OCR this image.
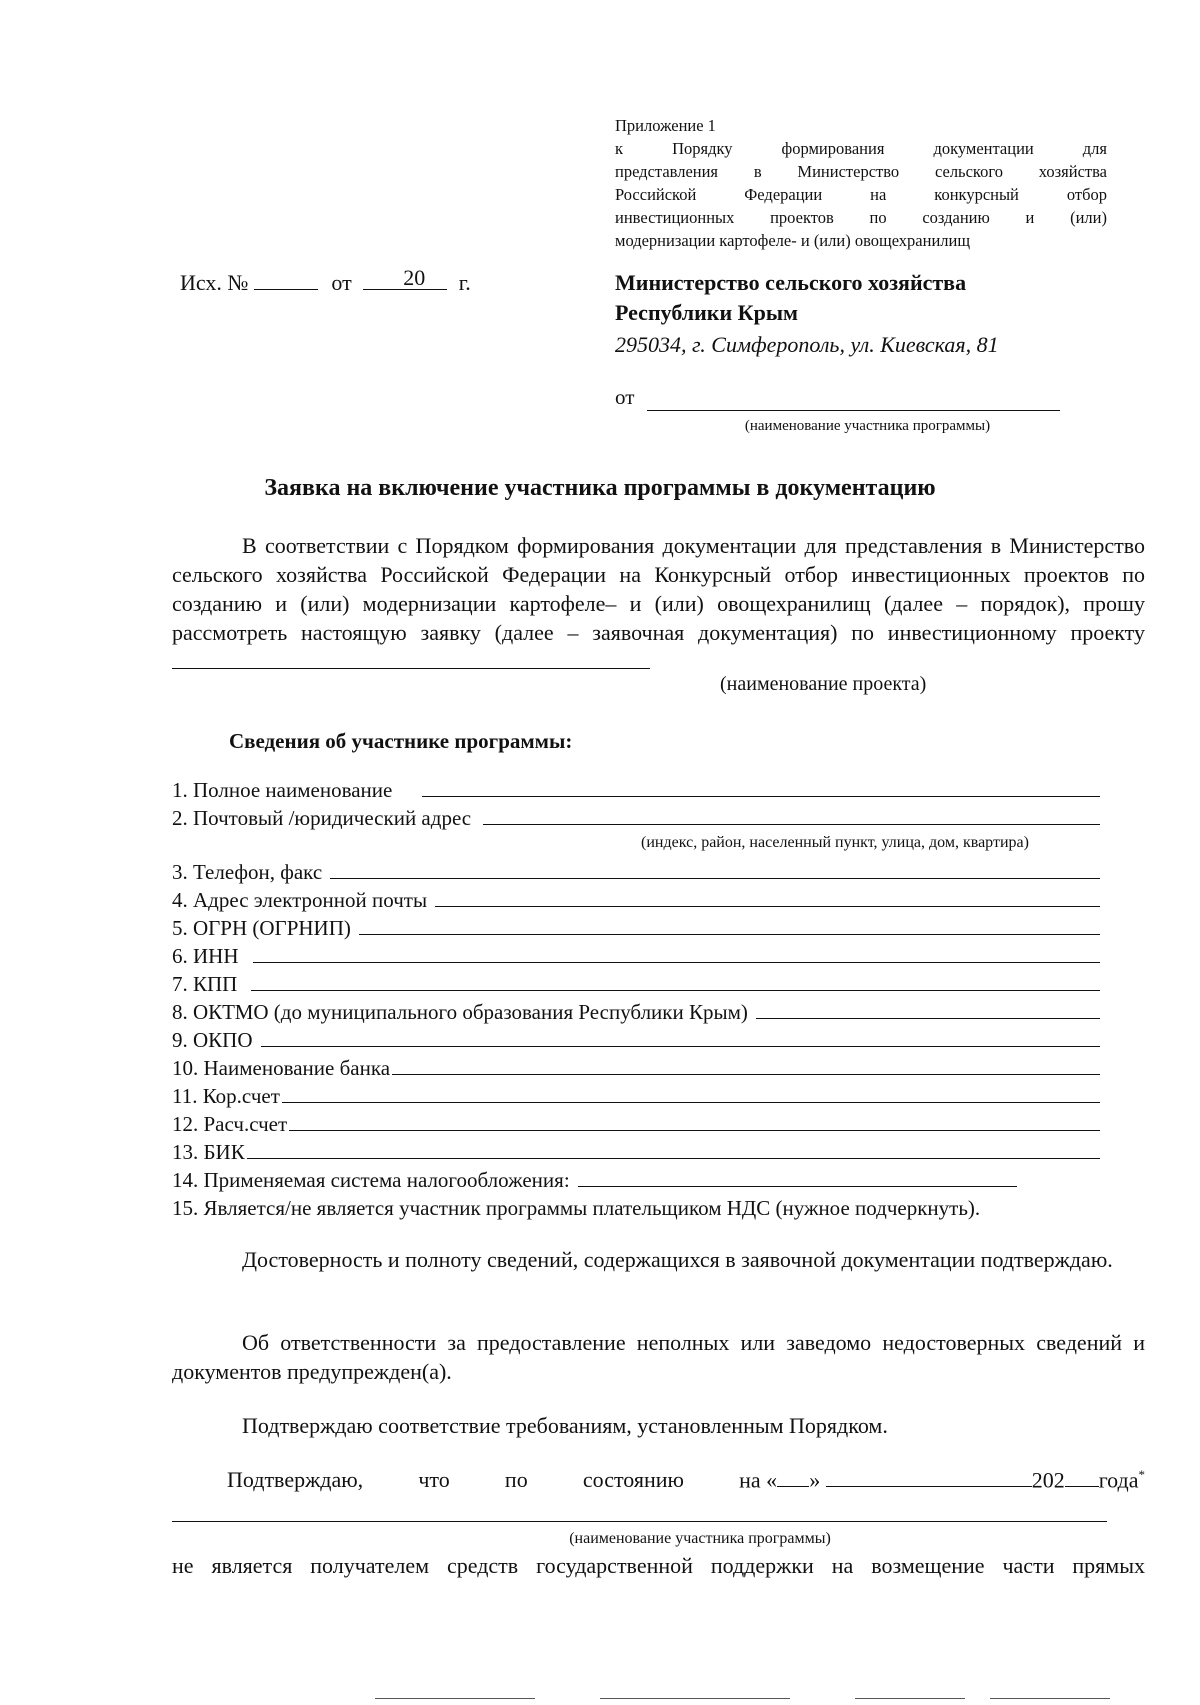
Приложение 1
к Порядку формирования документации для
представления в Министерство сельского хозяйства
Российской Федерации на конкурсный отбор
инвестиционных проектов по созданию и (или)
модернизации картофеле- и (или) овощехранилищ
Исх. №	от 20 г.	Министерство сельского хозяйства
Республики Крым
295034, г. Симферополь, ул. Киевская, 81
от
(наименование участника программы)
Заявка на включение участника программы в документацию
В соответствии с Порядком формирования документации для представления в Министерство сельского хозяйства Российской Федерации на Конкурсный отбор инвестиционных проектов по созданию и (или) модернизации картофеле– и (или) овощехранилищ (далее – порядок), прошу рассмотреть настоящую заявку (далее – заявочная документация) по инвестиционному проекту
(наименование проекта)
Сведения об участнике программы:
1. Полное наименование
2. Почтовый /юридический адрес
(индекс, район, населенный пункт, улица, дом, квартира)
3. Телефон, факс
4. Адрес электронной почты
5. ОГРН (ОГРНИП)
6. ИНН
7. КПП
8. ОКТМО (до муниципального образования Республики Крым)
9. ОКПО
10. Наименование банка
11. Кор.счет
12. Расч.счет
13. БИК
14. Применяемая система налогообложения:
15. Является/не является участник программы плательщиком НДС (нужное подчеркнуть).
Достоверность и полноту сведений, содержащихся в заявочной документации подтверждаю.
Об ответственности за предоставление неполных или заведомо недостоверных сведений и документов предупрежден(а).
Подтверждаю соответствие требованиям, установленным Порядком.
Подтверждаю,	что	по	состоянию	на « »	202 года*
(наименование участника программы)
не является получателем средств государственной поддержки на возмещение части прямых
